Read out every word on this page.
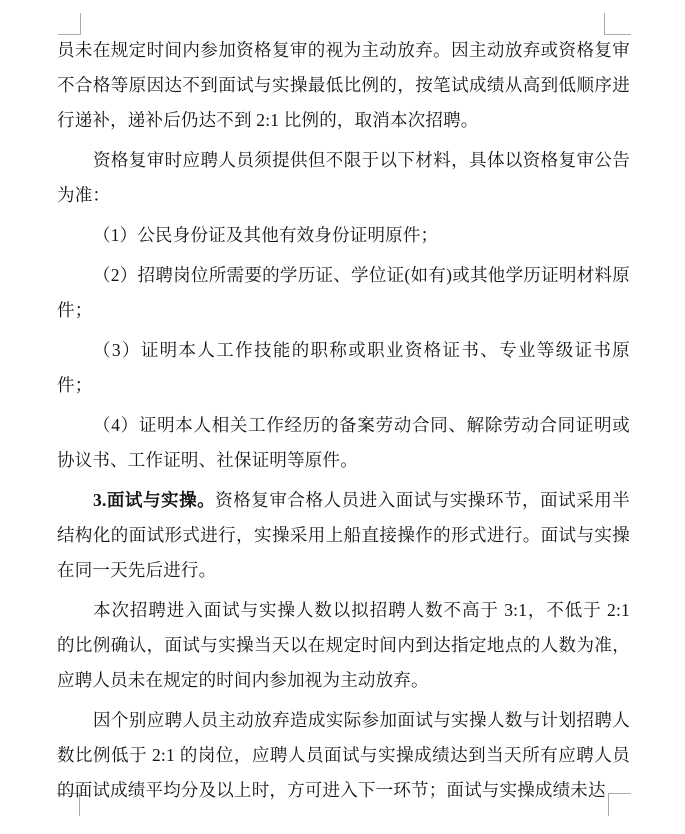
员未在规定时间内参加资格复审的视为主动放弃。因主动放弃或资格复审不合格等原因达不到面试与实操最低比例的，按笔试成绩从高到低顺序进行递补，递补后仍达不到 2:1 比例的，取消本次招聘。

资格复审时应聘人员须提供但不限于以下材料，具体以资格复审公告为准：

（1）公民身份证及其他有效身份证明原件；

（2）招聘岗位所需要的学历证、学位证(如有)或其他学历证明材料原件；

（3）证明本人工作技能的职称或职业资格证书、专业等级证书原件；

（4）证明本人相关工作经历的备案劳动合同、解除劳动合同证明或协议书、工作证明、社保证明等原件。

3.面试与实操。资格复审合格人员进入面试与实操环节，面试采用半结构化的面试形式进行，实操采用上船直接操作的形式进行。面试与实操在同一天先后进行。

本次招聘进入面试与实操人数以拟招聘人数不高于 3:1，不低于 2:1 的比例确认，面试与实操当天以在规定时间内到达指定地点的人数为准，应聘人员未在规定的时间内参加视为主动放弃。

因个别应聘人员主动放弃造成实际参加面试与实操人数与计划招聘人数比例低于 2:1 的岗位，应聘人员面试与实操成绩达到当天所有应聘人员的面试成绩平均分及以上时，方可进入下一环节；面试与实操成绩未达
